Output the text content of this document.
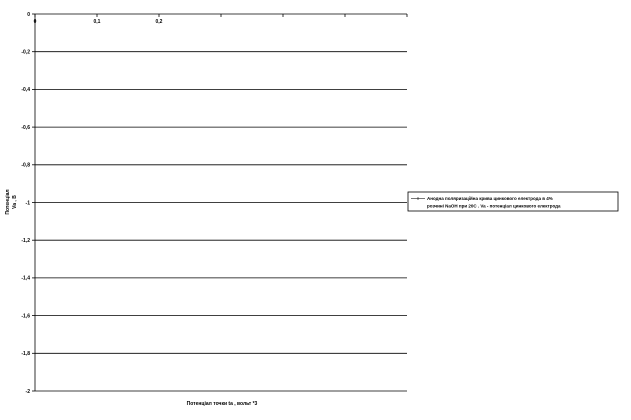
0
-0,2
-0,4
-0,6
-0,8
-1
-1,2
-1,4
-1,6
-1,8
-2
0	0,1	0,2
Потенціал Va , B
Потенціал точки ta , вольт *3
Анодна поляризаційна крива цинкового електрода в 4%
розчині NaOH при 20С . Va - потенціал цинкового електрода
